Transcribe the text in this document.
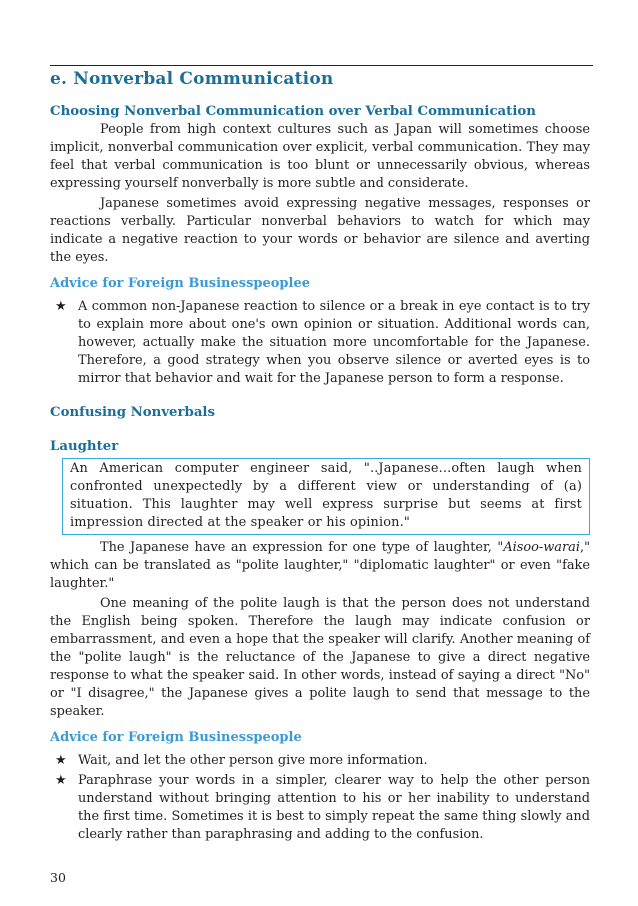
e. Nonverbal Communication
Choosing Nonverbal Communication over Verbal Communication

People from high context cultures such as Japan will sometimes choose implicit, nonverbal communication over explicit, verbal communication. They may feel that verbal communication is too blunt or unnecessarily obvious, whereas expressing yourself nonverbally is more subtle and considerate.

Japanese sometimes avoid expressing negative messages, responses or reactions verbally. Particular nonverbal behaviors to watch for which may indicate a negative reaction to your words or behavior are silence and averting the eyes.

Advice for Foreign Businesspeoplee
★ A common non-Japanese reaction to silence or a break in eye contact is to try to explain more about one's own opinion or situation. Additional words can, however, actually make the situation more uncomfortable for the Japanese. Therefore, a good strategy when you observe silence or averted eyes is to mirror that behavior and wait for the Japanese person to form a response.
Confusing Nonverbals
Laughter
An American computer engineer said, "..Japanese...often laugh when confronted unexpectedly by a different view or understanding of (a) situation. This laughter may well express surprise but seems at first impression directed at the speaker or his opinion."

The Japanese have an expression for one type of laughter, "Aisoo-warai," which can be translated as "polite laughter," "diplomatic laughter" or even "fake laughter."

One meaning of the polite laugh is that the person does not understand the English being spoken. Therefore the laugh may indicate confusion or embarrassment, and even a hope that the speaker will clarify. Another meaning of the "polite laugh" is the reluctance of the Japanese to give a direct negative response to what the speaker said. In other words, instead of saying a direct "No" or "I disagree," the Japanese gives a polite laugh to send that message to the speaker.

Advice for Foreign Businesspeople
★ Wait, and let the other person give more information.
★ Paraphrase your words in a simpler, clearer way to help the other person understand without bringing attention to his or her inability to understand the first time. Sometimes it is best to simply repeat the same thing slowly and clearly rather than paraphrasing and adding to the confusion.
30
